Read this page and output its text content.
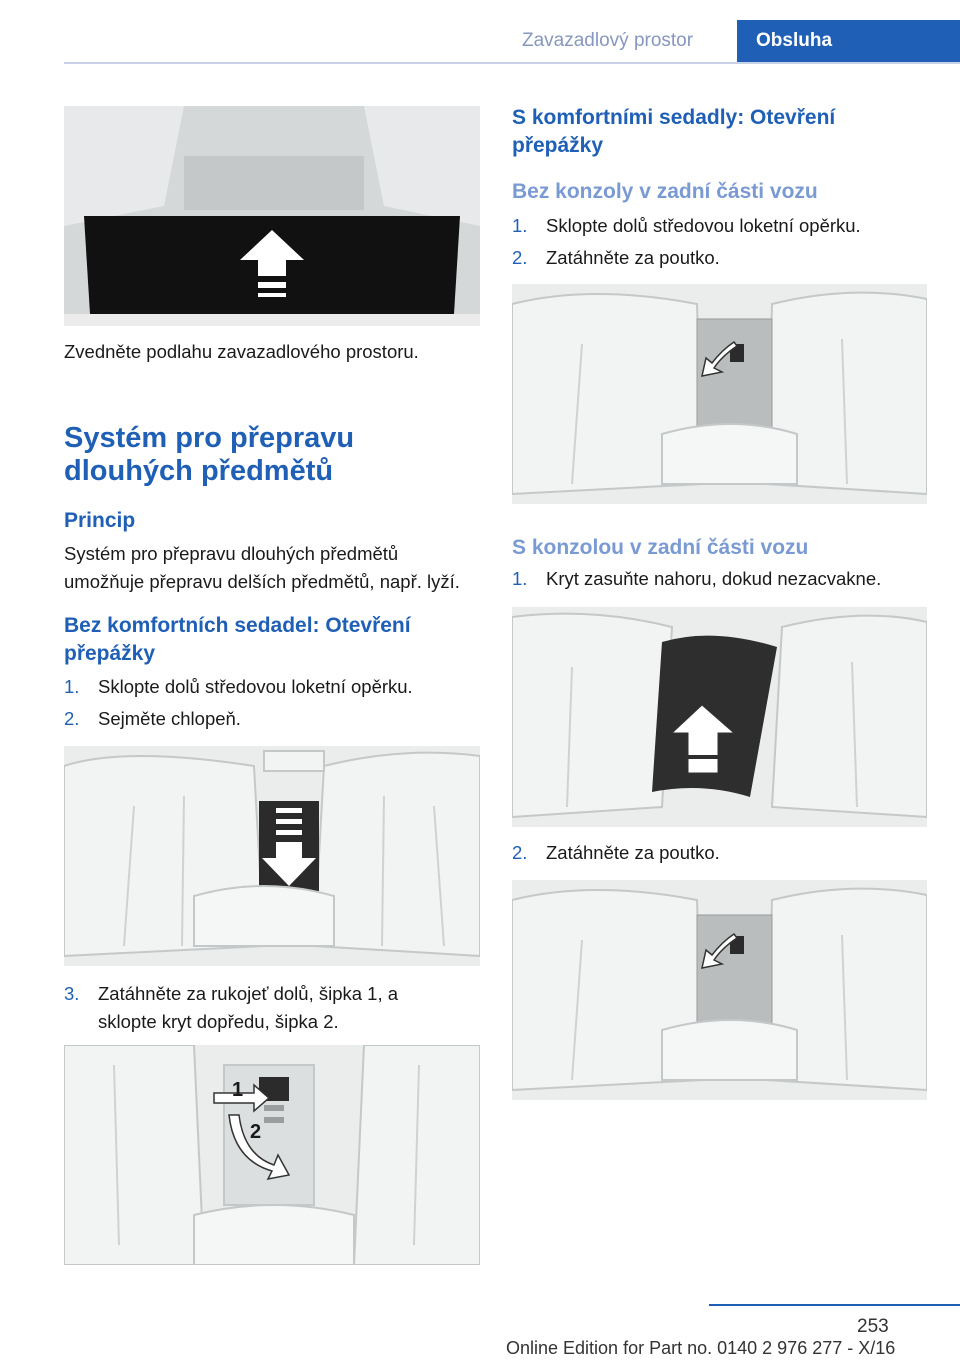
Zavazadlový prostor	Obsluha
Zvedněte podlahu zavazadlového prostoru.
Systém pro přepravu dlouhých předmětů
Princip
Systém pro přepravu dlouhých předmětů umožňuje přepravu delších předmětů, např. lyží.
Bez komfortních sedadel: Otevření přepážky
1. Sklopte dolů středovou loketní opěrku.
2. Sejměte chlopeň.
3. Zatáhněte za rukojeť dolů, šipka 1, a sklopte kryt dopředu, šipka 2.
1
2
S komfortními sedadly: Otevření přepážky
Bez konzoly v zadní části vozu
1. Sklopte dolů středovou loketní opěrku.
2. Zatáhněte za poutko.
S konzolou v zadní části vozu
1. Kryt zasuňte nahoru, dokud nezacvakne.
2. Zatáhněte za poutko.
253
Online Edition for Part no. 0140 2 976 277 - X/16
